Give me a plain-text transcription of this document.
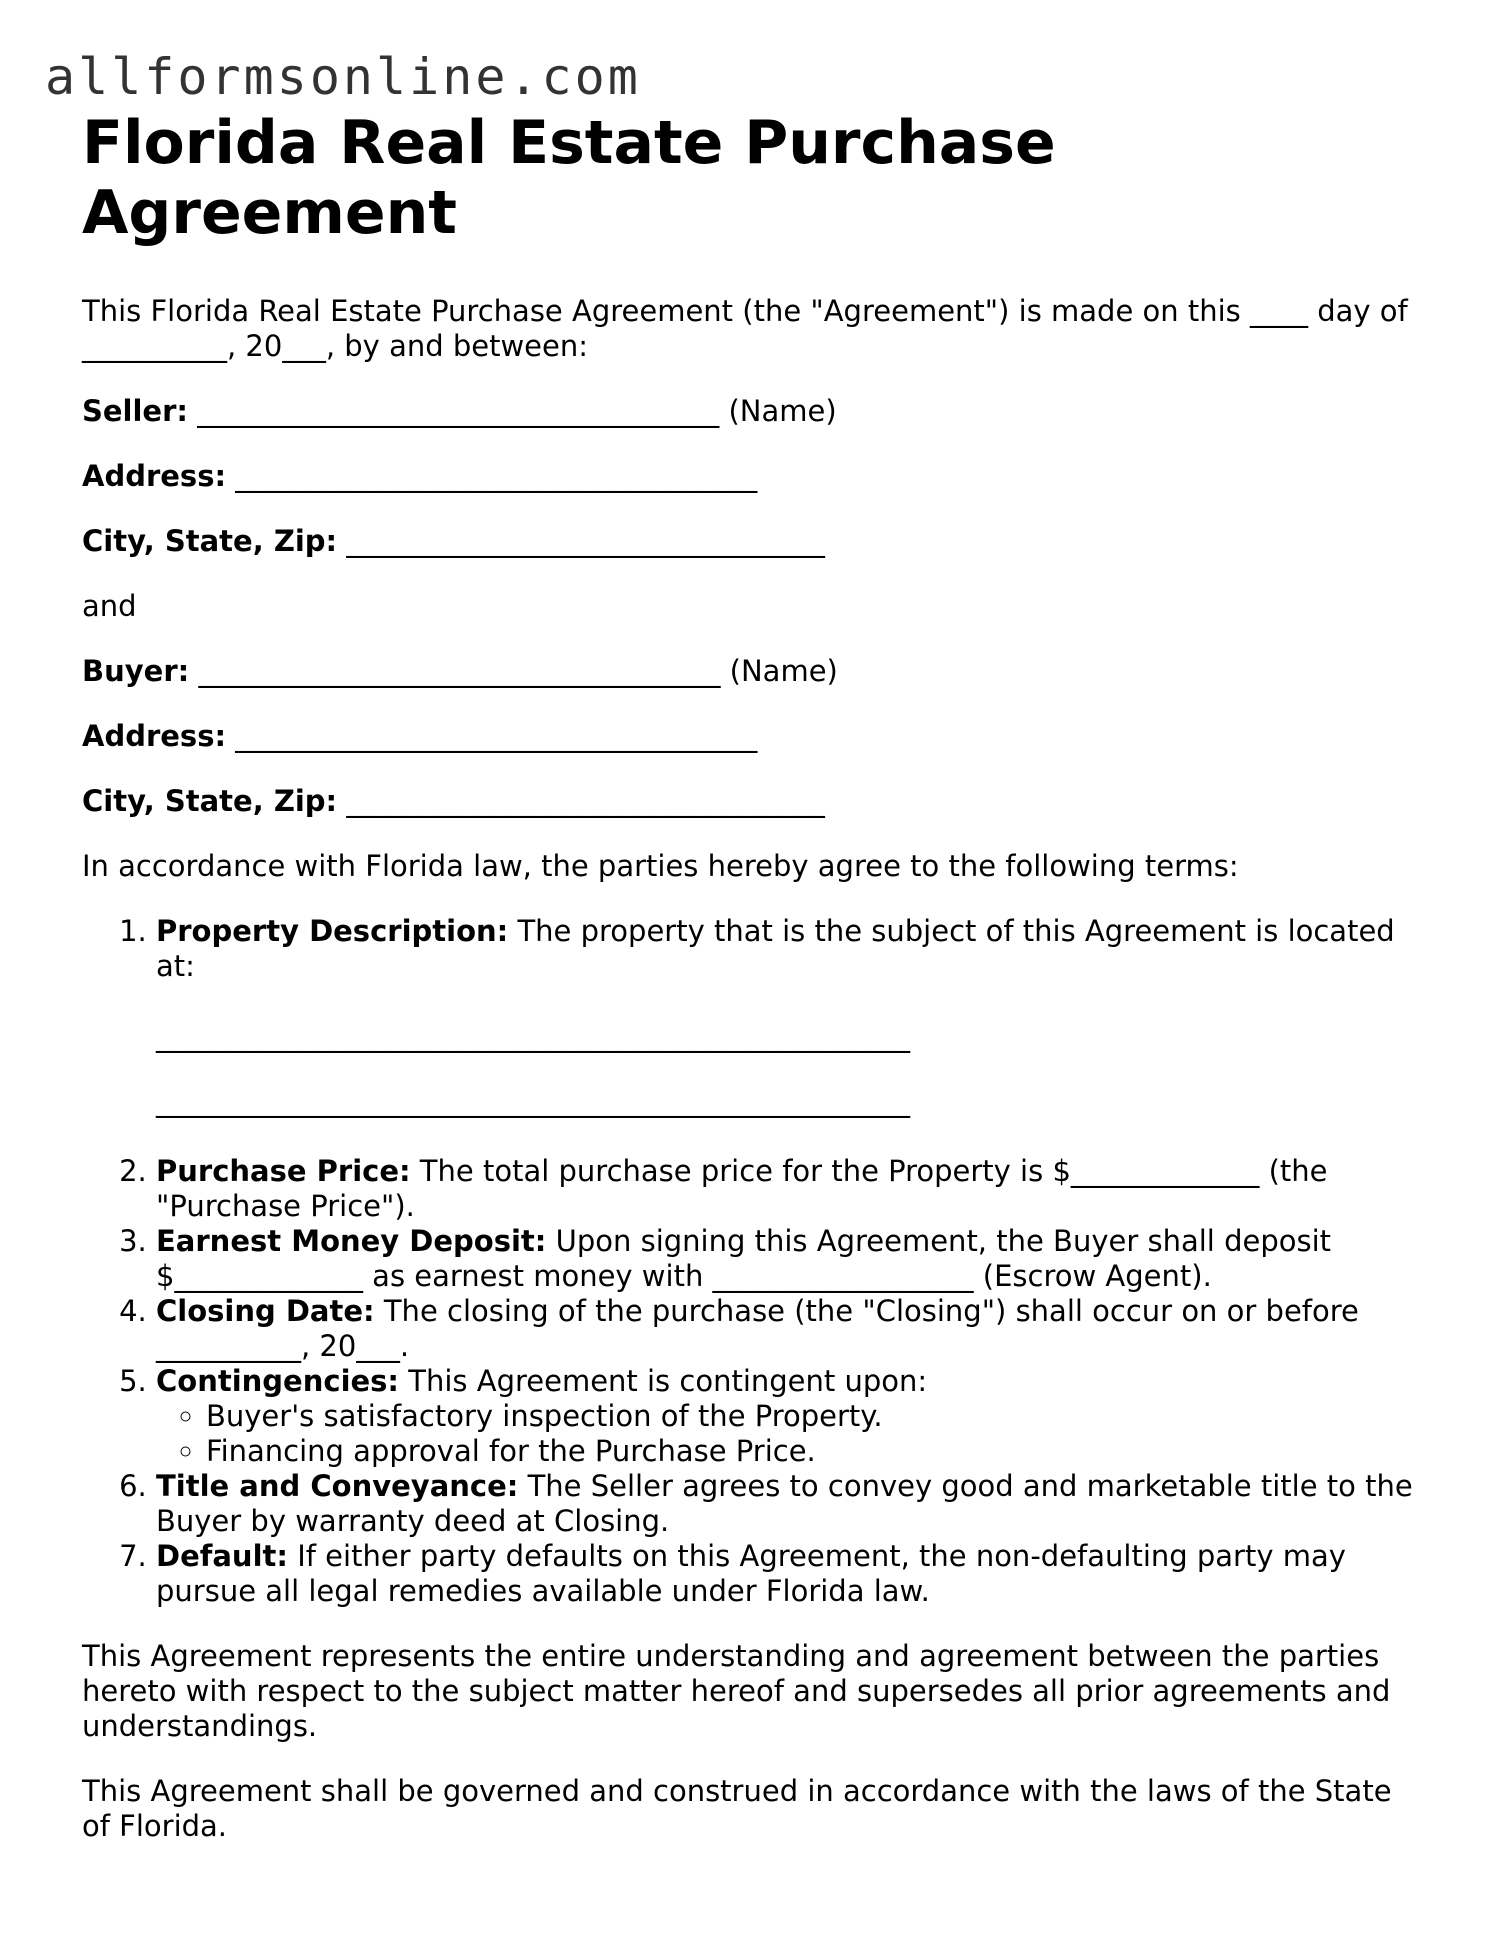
allformsonline.com
Florida Real Estate Purchase Agreement

This Florida Real Estate Purchase Agreement (the "Agreement") is made on this ____ day of __________, 20___, by and between:

Seller: ____________________________________ (Name)
Address: ____________________________________
City, State, Zip: _________________________________
and
Buyer: ____________________________________ (Name)
Address: ____________________________________
City, State, Zip: _________________________________
In accordance with Florida law, the parties hereby agree to the following terms:
1. Property Description: The property that is the subject of this Agreement is located at:
____________________________________________________
____________________________________________________
2. Purchase Price: The total purchase price for the Property is $_____________ (the "Purchase Price").
3. Earnest Money Deposit: Upon signing this Agreement, the Buyer shall deposit $_____________ as earnest money with __________________ (Escrow Agent).
4. Closing Date: The closing of the purchase (the "Closing") shall occur on or before __________, 20___.
5. Contingencies: This Agreement is contingent upon:
◦ Buyer's satisfactory inspection of the Property.
◦ Financing approval for the Purchase Price.
6. Title and Conveyance: The Seller agrees to convey good and marketable title to the Buyer by warranty deed at Closing.
7. Default: If either party defaults on this Agreement, the non-defaulting party may pursue all legal remedies available under Florida law.
This Agreement represents the entire understanding and agreement between the parties hereto with respect to the subject matter hereof and supersedes all prior agreements and understandings.
This Agreement shall be governed and construed in accordance with the laws of the State of Florida.
